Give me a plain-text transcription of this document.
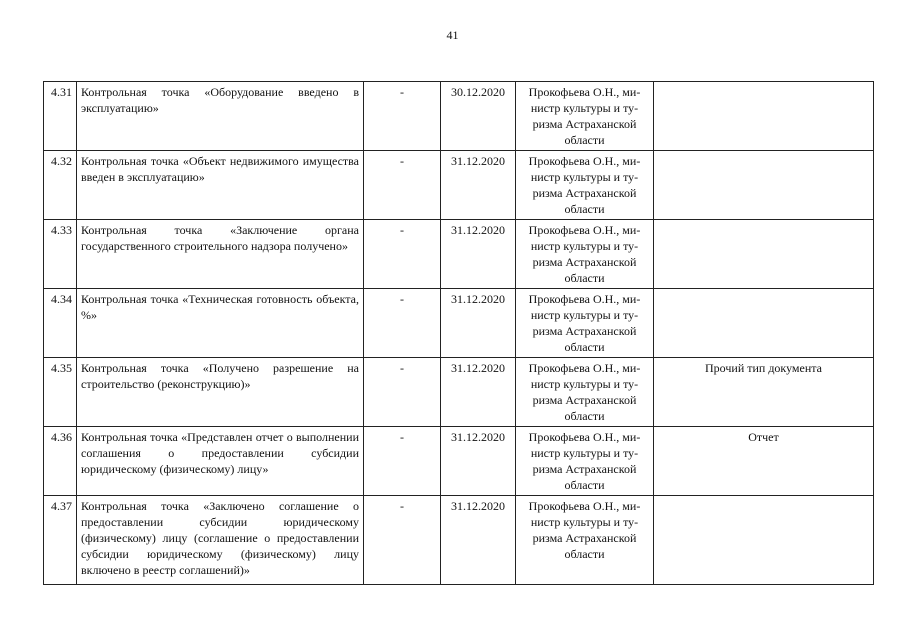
41
4.31	Контрольная точка «Оборудование введено в эксплуатацию»	-	30.12.2020	Прокофьева О.Н., ми-
нистр культуры и ту-
ризма Астраханской
области	

4.32	Контрольная точка «Объект недвижимого имущества введен в эксплуатацию»	-	31.12.2020	Прокофьева О.Н., ми-
нистр культуры и ту-
ризма Астраханской
области	

4.33	Контрольная точка «Заключение органа государственного строительного надзора получено»	-	31.12.2020	Прокофьева О.Н., ми-
нистр культуры и ту-
ризма Астраханской
области	

4.34	Контрольная точка «Техническая готовность объекта, %»	-	31.12.2020	Прокофьева О.Н., ми-
нистр культуры и ту-
ризма Астраханской
области	

4.35	Контрольная точка «Получено разрешение на строительство (реконструкцию)»	-	31.12.2020	Прокофьева О.Н., ми-
нистр культуры и ту-
ризма Астраханской
области	Прочий тип документа
4.36	Контрольная точка «Представлен отчет о выполнении соглашения о предоставлении субсидии юридическому (физическому) лицу»	-	31.12.2020	Прокофьева О.Н., ми-
нистр культуры и ту-
ризма Астраханской
области	Отчет
4.37	Контрольная точка «Заключено соглашение о предоставлении субсидии юридическому (физическому) лицу (соглашение о предоставлении субсидии юридическому (физическому) лицу включено в реестр соглашений)»	-	31.12.2020	Прокофьева О.Н., ми-
нистр культуры и ту-
ризма Астраханской
области	
